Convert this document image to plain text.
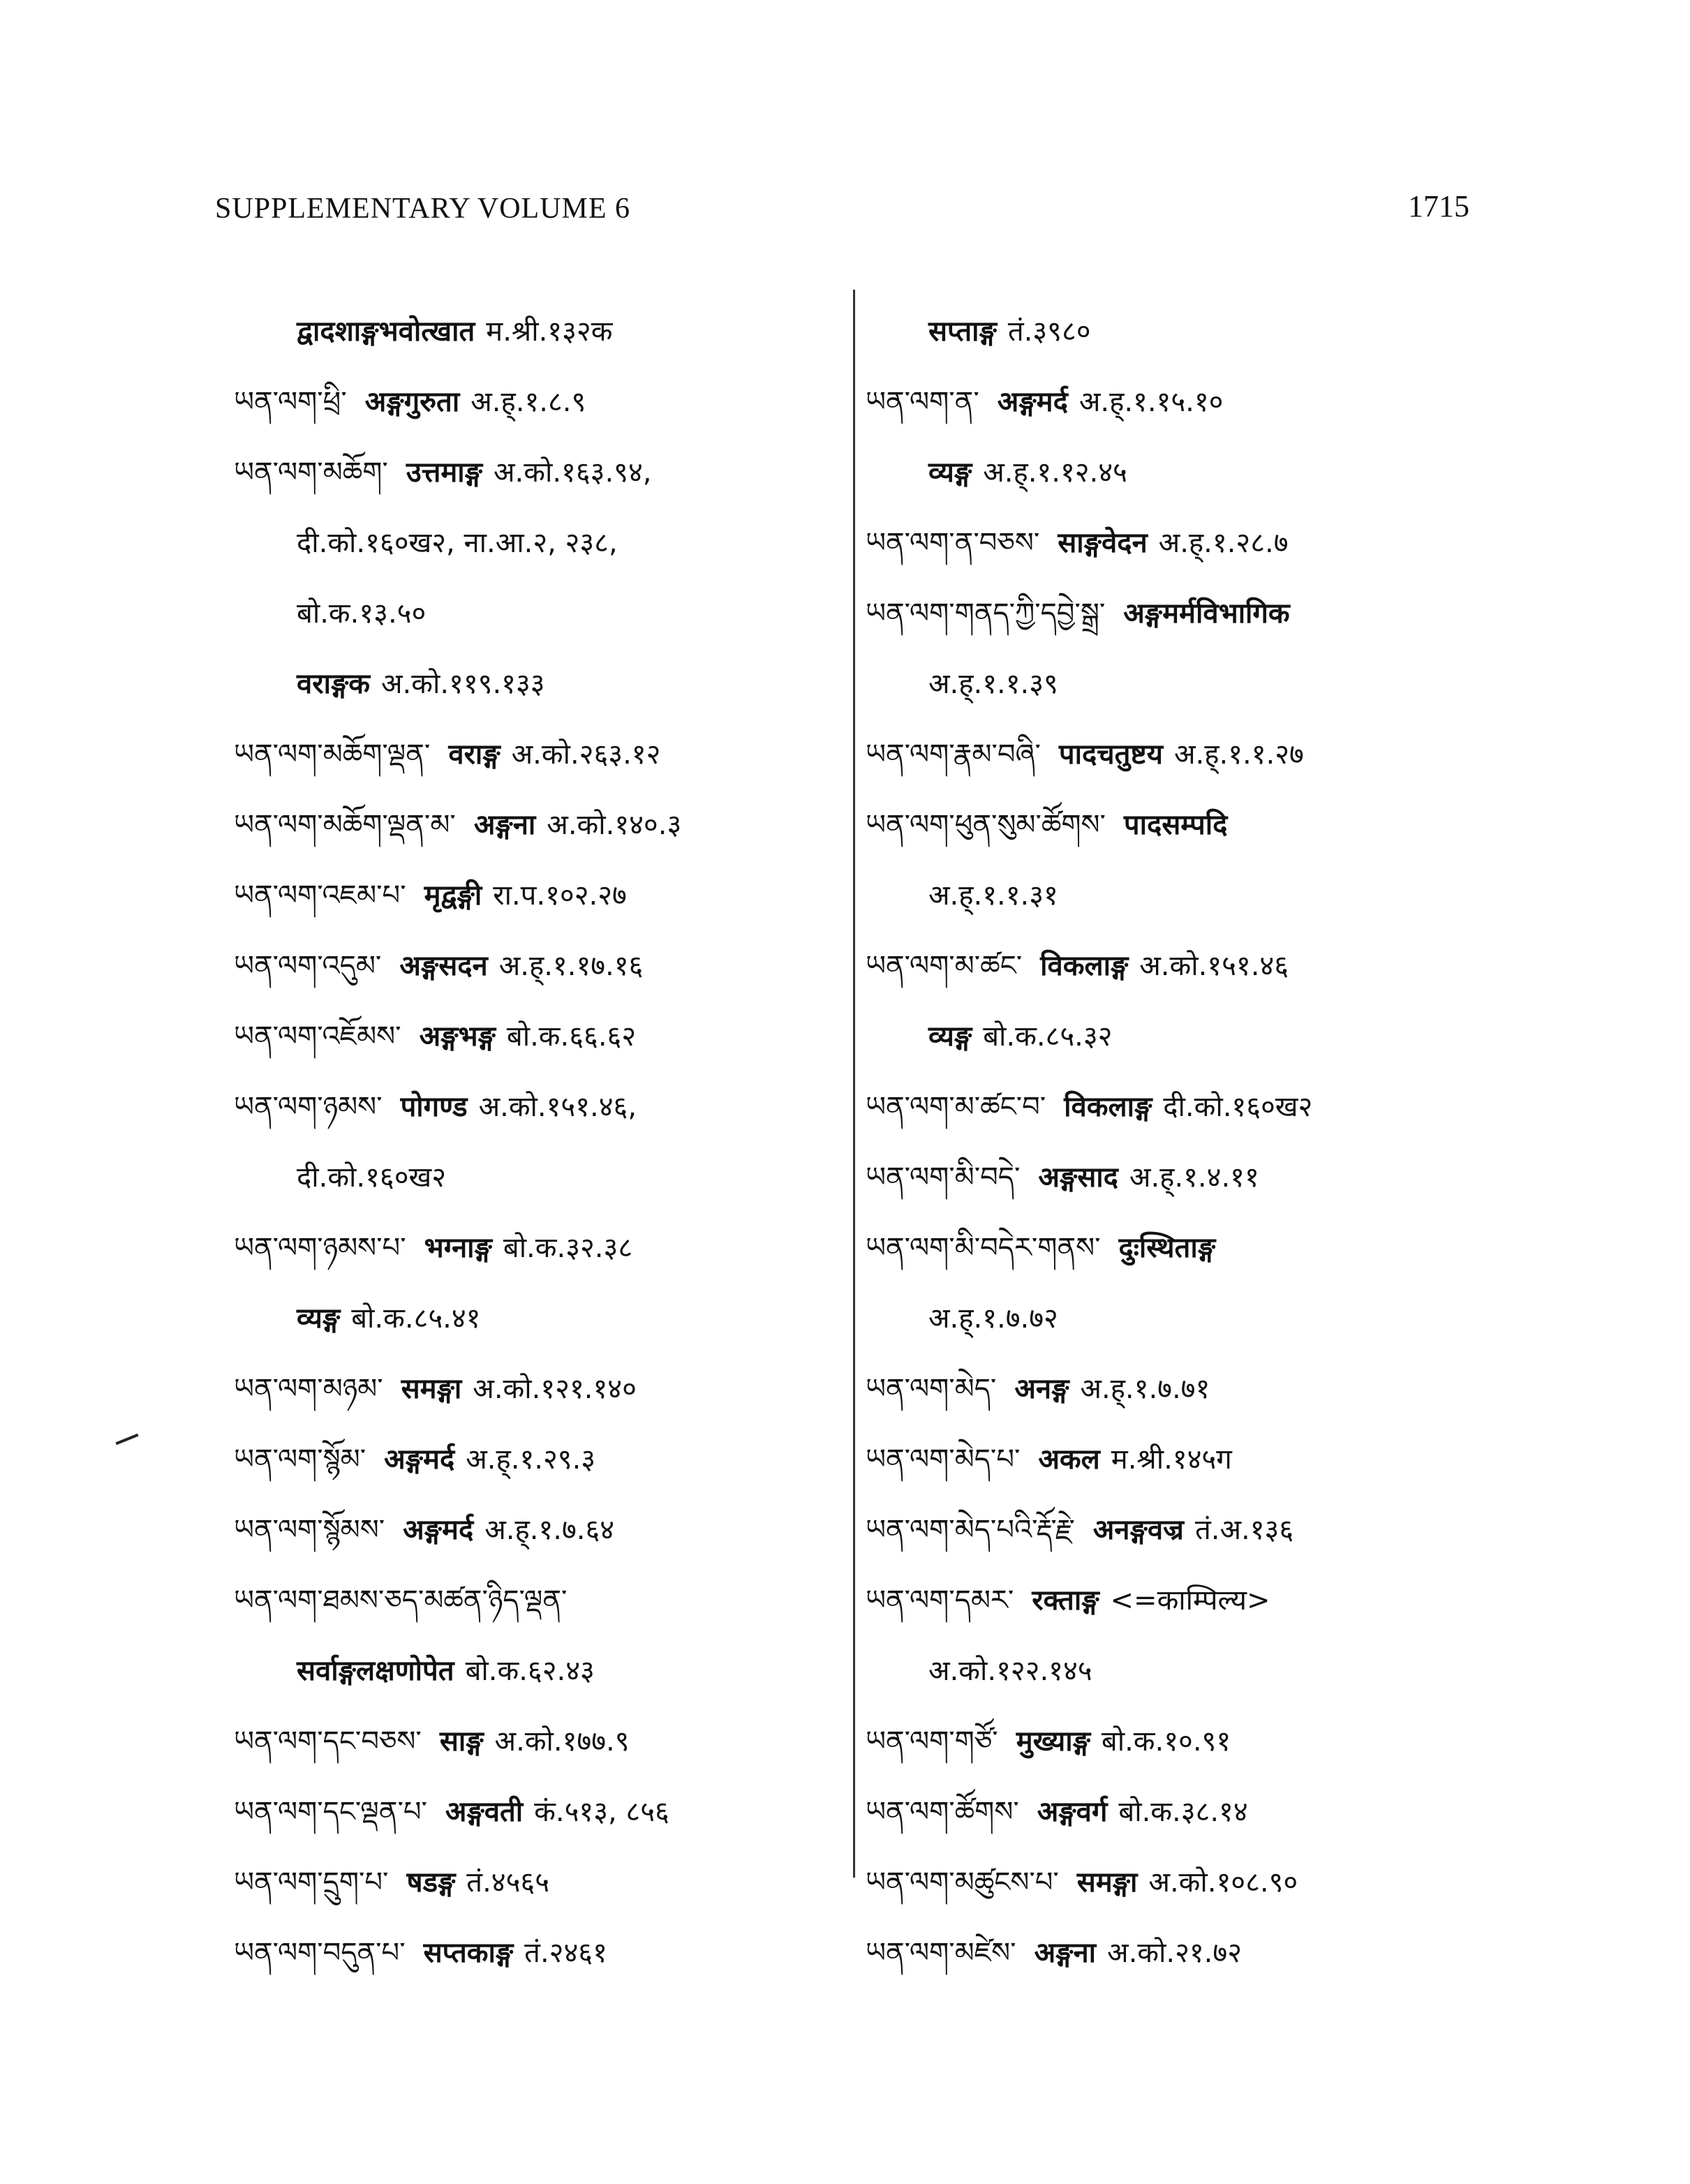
SUPPLEMENTARY VOLUME 6	1715
द्वादशाङ्गभवोत्खात म.श्री.१३२क
ཡན་ལག་ཕྲི་ अङ्गगुरुता अ.ह्.१.८.९
ཡན་ལག་མཆོག་ उत्तमाङ्ग अ.को.१६३.९४,
दी.को.१६०ख२, ना.आ.२, २३८,
बो.क.१३.५०
वराङ्गक अ.को.११९.१३३
ཡན་ལག་མཆོག་ལྡན་ वराङ्ग अ.को.२६३.१२
ཡན་ལག་མཆོག་ལྡན་མ་ अङ्गना अ.को.१४०.३
ཡན་ལག་འཇམ་པ་ मृद्वङ्गी रा.प.१०२.२७
ཡན་ལག་འདུམ་ अङ्गसदन अ.ह्.१.१७.१६
ཡན་ལག་འཇོམས་ अङ्गभङ्ग बो.क.६६.६२
ཡན་ལག་ཉམས་ पोगण्ड अ.को.१५१.४६,
दी.को.१६०ख२
ཡན་ལག་ཉམས་པ་ भग्नाङ्ग बो.क.३२.३८
व्यङ्ग बो.क.८५.४१
ཡན་ལག་མཉམ་ समङ्गा अ.को.१२१.१४०
ཡན་ལག་སྙོམ་ अङ्गमर्द अ.ह्.१.२९.३
ཡན་ལག་སྙོམས་ अङ्गमर्द अ.ह्.१.७.६४
ཡན་ལག་ཐམས་ཅད་མཚན་ཉིད་ལྡན་
सर्वाङ्गलक्षणोपेत बो.क.६२.४३
ཡན་ལག་དང་བཅས་ साङ्ग अ.को.१७७.९
ཡན་ལག་དང་ལྡན་པ་ अङ्गवती कं.५१३, ८५६
ཡན་ལག་དྲུག་པ་ षडङ्ग तं.४५६५
ཡན་ལག་བདུན་པ་ सप्तकाङ्ग तं.२४६१
सप्ताङ्ग तं.३९८०
ཡན་ལག་ན་ अङ्गमर्द अ.ह्.१.१५.१०
व्यङ्ग अ.ह्.१.१२.४५
ཡན་ལག་ན་བཅས་ साङ्गवेदन अ.ह्.१.२८.७
ཡན་ལག་གནད་ཀྱི་དབྱེ་སྒྲ་ अङ्गमर्मविभागिक
अ.ह्.१.१.३९
ཡན་ལག་རྣམ་བཞི་ पादचतुष्टय अ.ह्.१.१.२७
ཡན་ལག་ཕུན་སུམ་ཚོགས་ पादसम्पदि
अ.ह्.१.१.३१
ཡན་ལག་མ་ཚང་ विकलाङ्ग अ.को.१५१.४६
व्यङ्ग बो.क.८५.३२
ཡན་ལག་མ་ཚང་བ་ विकलाङ्ग दी.को.१६०ख२
ཡན་ལག་མི་བདེ་ अङ्गसाद अ.ह्.१.४.११
ཡན་ལག་མི་བདེར་གནས་ दुःस्थिताङ्ग
अ.ह्.१.७.७२
ཡན་ལག་མེད་ अनङ्ग अ.ह्.१.७.७१
ཡན་ལག་མེད་པ་ अकल म.श्री.१४५ग
ཡན་ལག་མེད་པའི་རྡོ་རྗེ་ अनङ्गवज्र तं.अ.१३६
ཡན་ལག་དམར་ रक्ताङ्ग <=काम्पिल्य>
अ.को.१२२.१४५
ཡན་ལག་གཙོ་ मुख्याङ्ग बो.क.१०.९१
ཡན་ལག་ཚོགས་ अङ्गवर्ग बो.क.३८.१४
ཡན་ལག་མཚུངས་པ་ समङ्गा अ.को.१०८.९०
ཡན་ལག་མཛེས་ अङ्गना अ.को.२१.७२
